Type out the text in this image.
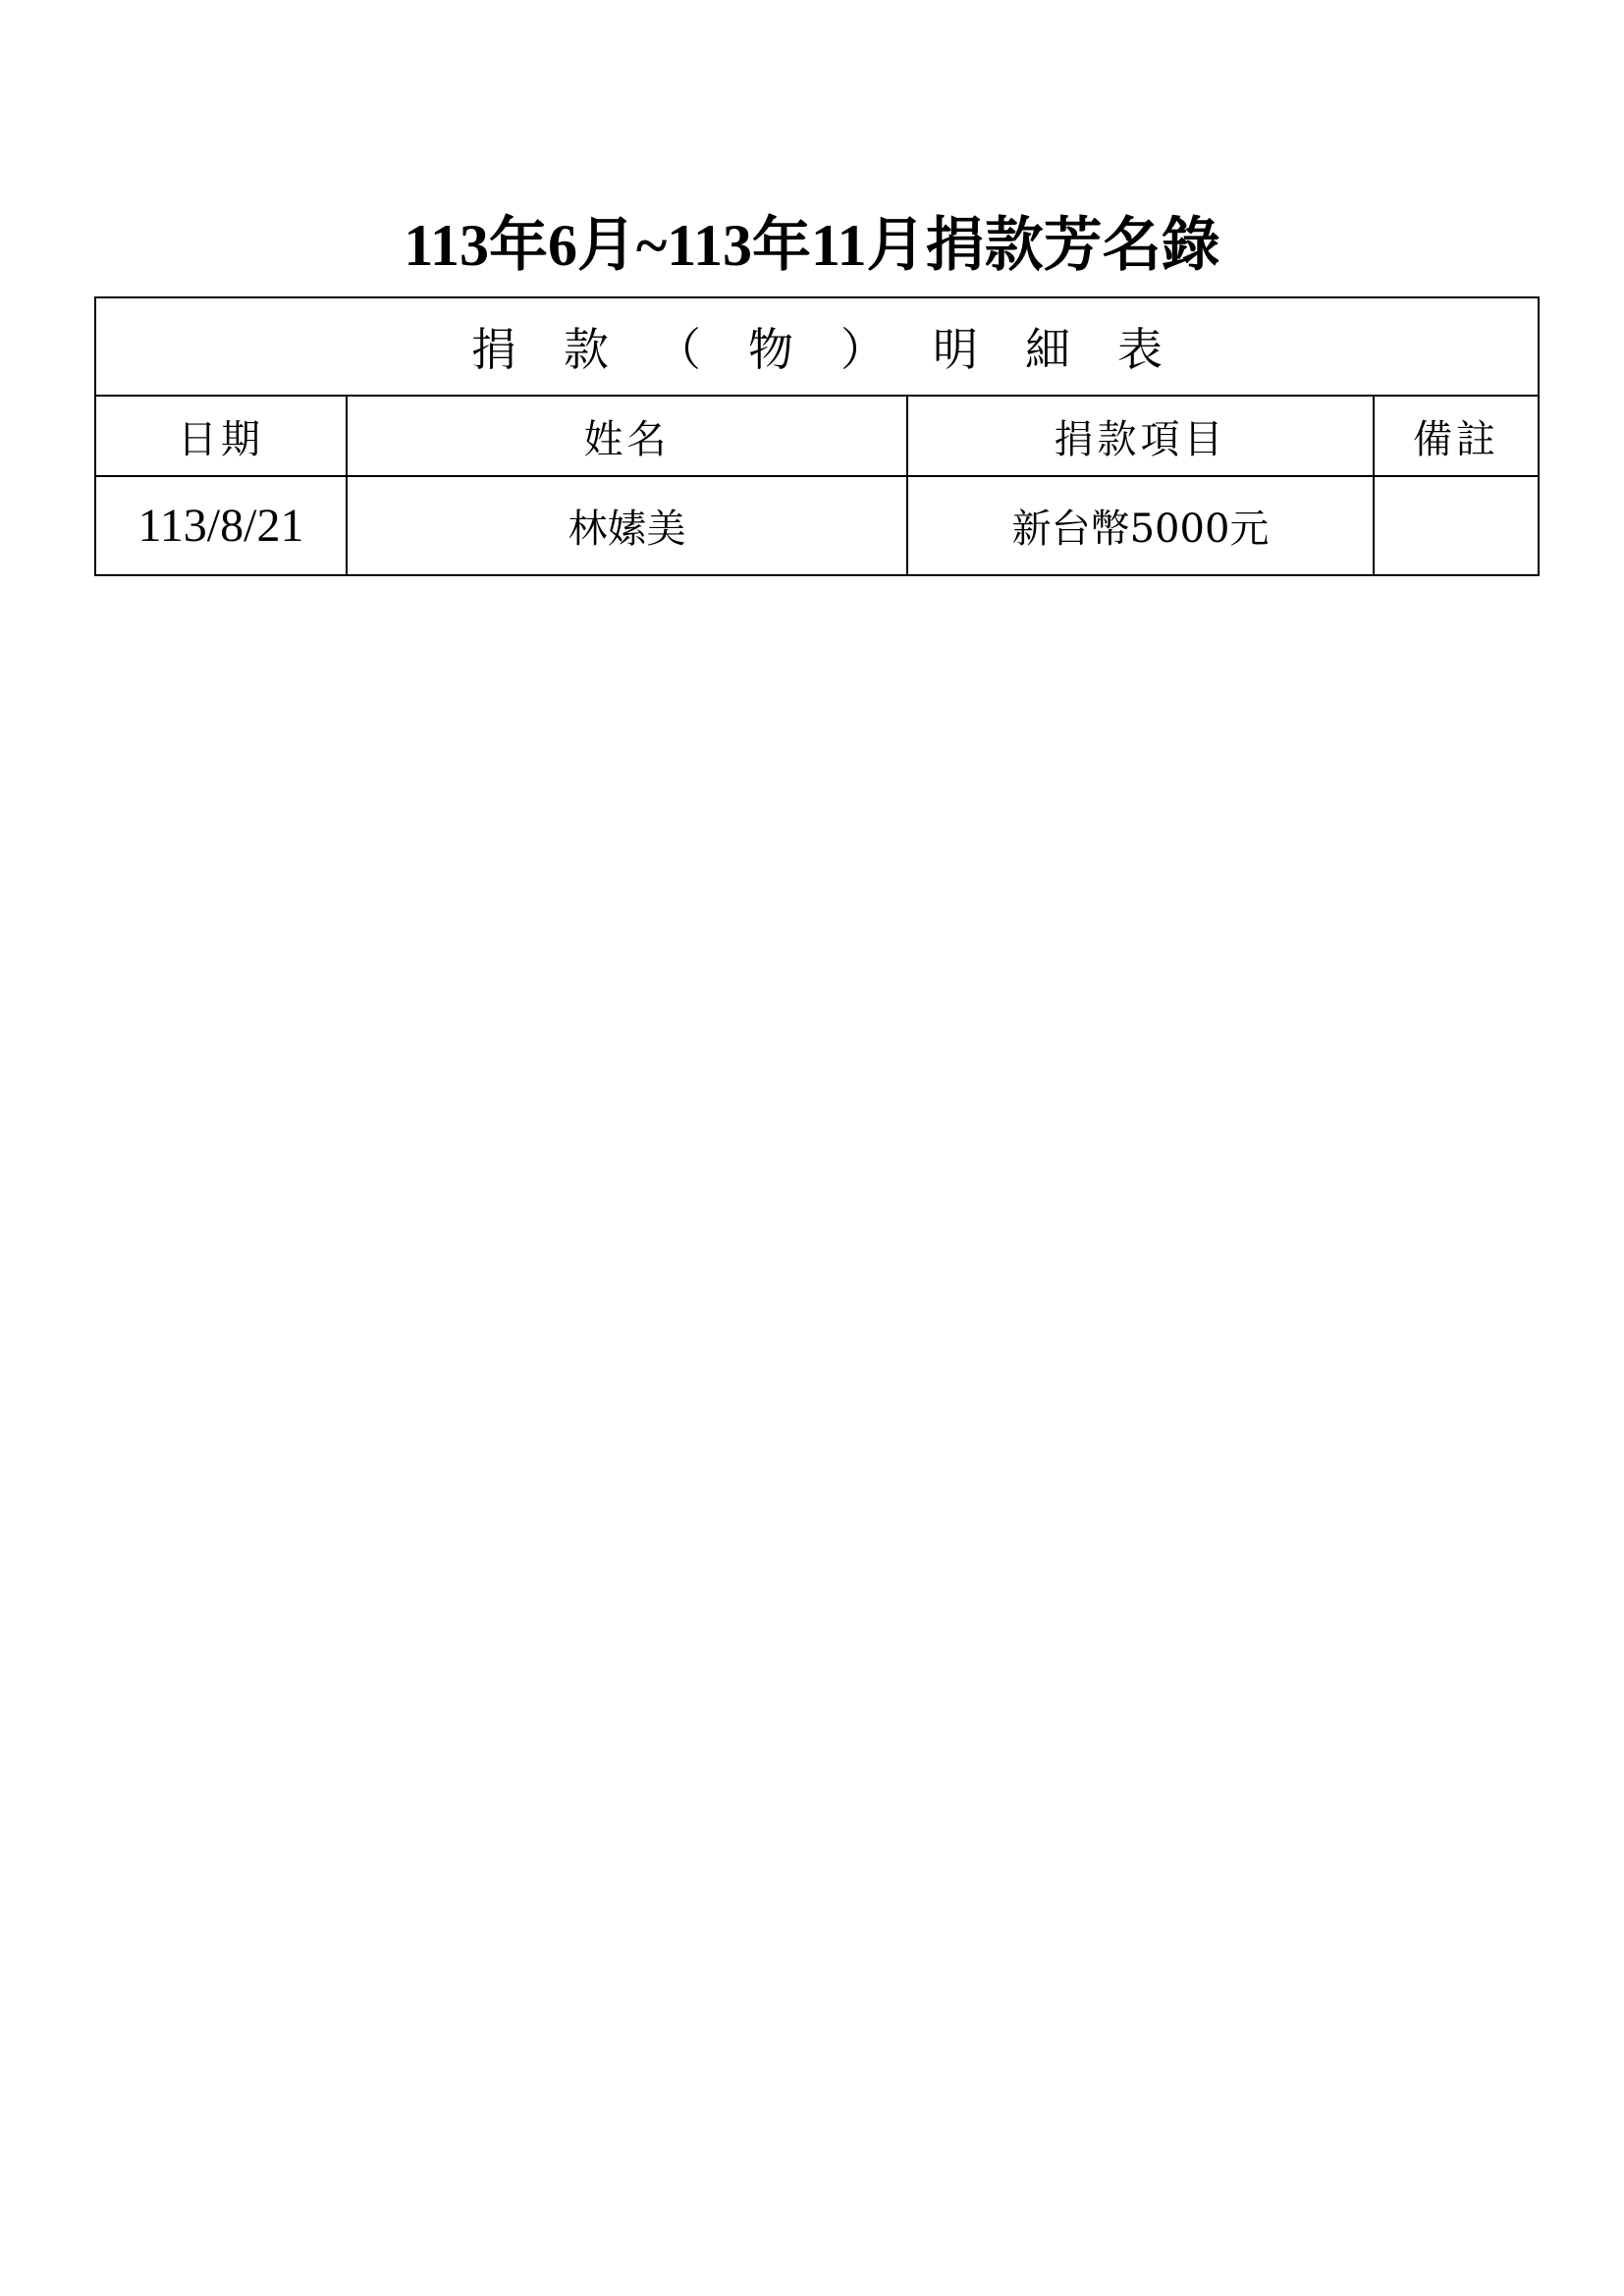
113年6月~113年11月捐款芳名錄
捐款（物）明細表			
日期	姓名	捐款項目	備註
113/8/21	林嫊美	新台幣5000元	
